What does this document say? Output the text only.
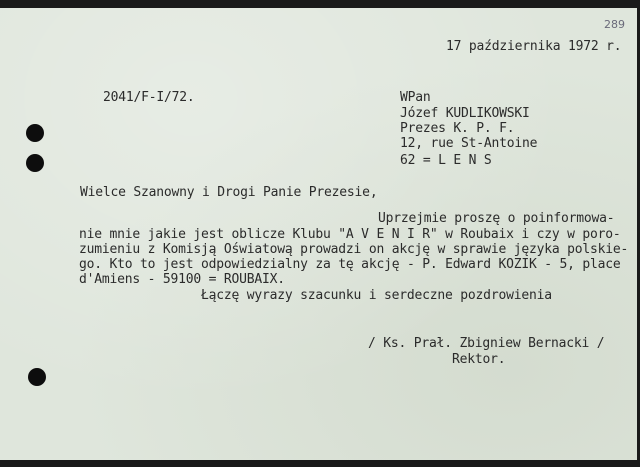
289
17 października 1972 r.
2041/F-I/72.	WPan
Józef KUDLIKOWSKI
Prezes K. P. F.
12, rue St-Antoine
62 = L E N S
Wielce Szanowny i Drogi Panie Prezesie,
Uprzejmie proszę o poinformowa-
nie mnie jakie jest oblicze Klubu "A V E N I R" w Roubaix i czy w poro-
zumieniu z Komisją Oświatową prowadzi on akcję w sprawie języka polskie-
go. Kto to jest odpowiedzialny za tę akcję - P. Edward KOZIK - 5, place
d'Amiens - 59100 = ROUBAIX.
Łączę wyrazy szacunku i serdeczne pozdrowienia
/ Ks. Prał. Zbigniew Bernacki /
Rektor.
